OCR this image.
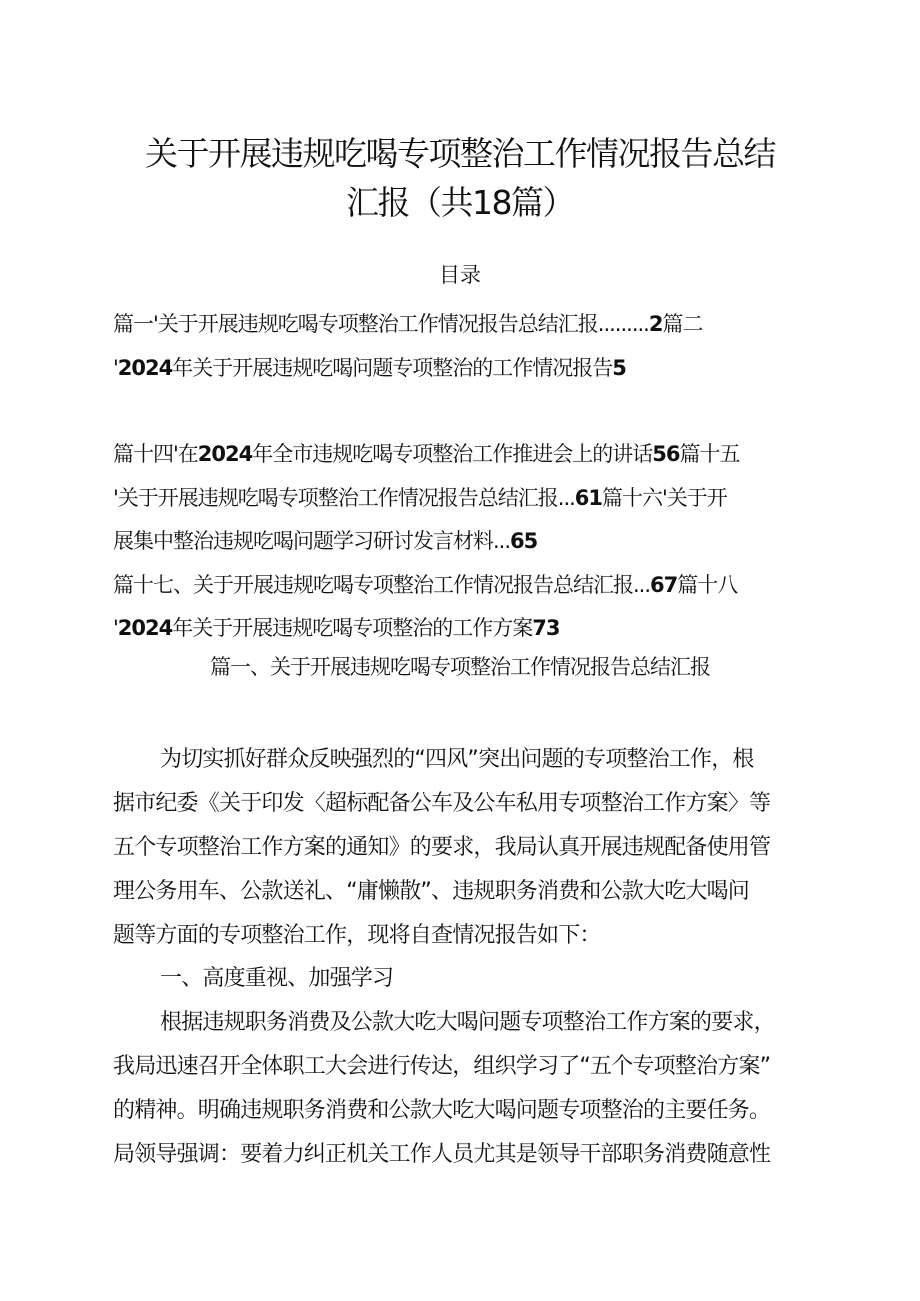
关于开展违规吃喝专项整治工作情况报告总结
汇报（共18篇）
目录
篇一'关于开展违规吃喝专项整治工作情况报告总结汇报.........2篇二
'2024年关于开展违规吃喝问题专项整治的工作情况报告5
篇十四'在2024年全市违规吃喝专项整治工作推进会上的讲话56篇十五
'关于开展违规吃喝专项整治工作情况报告总结汇报...61篇十六'关于开
展集中整治违规吃喝问题学习研讨发言材料...65
篇十七、关于开展违规吃喝专项整治工作情况报告总结汇报...67篇十八
'2024年关于开展违规吃喝专项整治的工作方案73
篇一、关于开展违规吃喝专项整治工作情况报告总结汇报
为切实抓好群众反映强烈的“四风”突出问题的专项整治工作，根
据市纪委《关于印发〈超标配备公车及公车私用专项整治工作方案〉等
五个专项整治工作方案的通知》的要求，我局认真开展违规配备使用管
理公务用车、公款送礼、“庸懒散”、违规职务消费和公款大吃大喝问
题等方面的专项整治工作，现将自查情况报告如下：
一、高度重视、加强学习
根据违规职务消费及公款大吃大喝问题专项整治工作方案的要求，
我局迅速召开全体职工大会进行传达，组织学习了“五个专项整治方案”
的精神。明确违规职务消费和公款大吃大喝问题专项整治的主要任务。
局领导强调：要着力纠正机关工作人员尤其是领导干部职务消费随意性
